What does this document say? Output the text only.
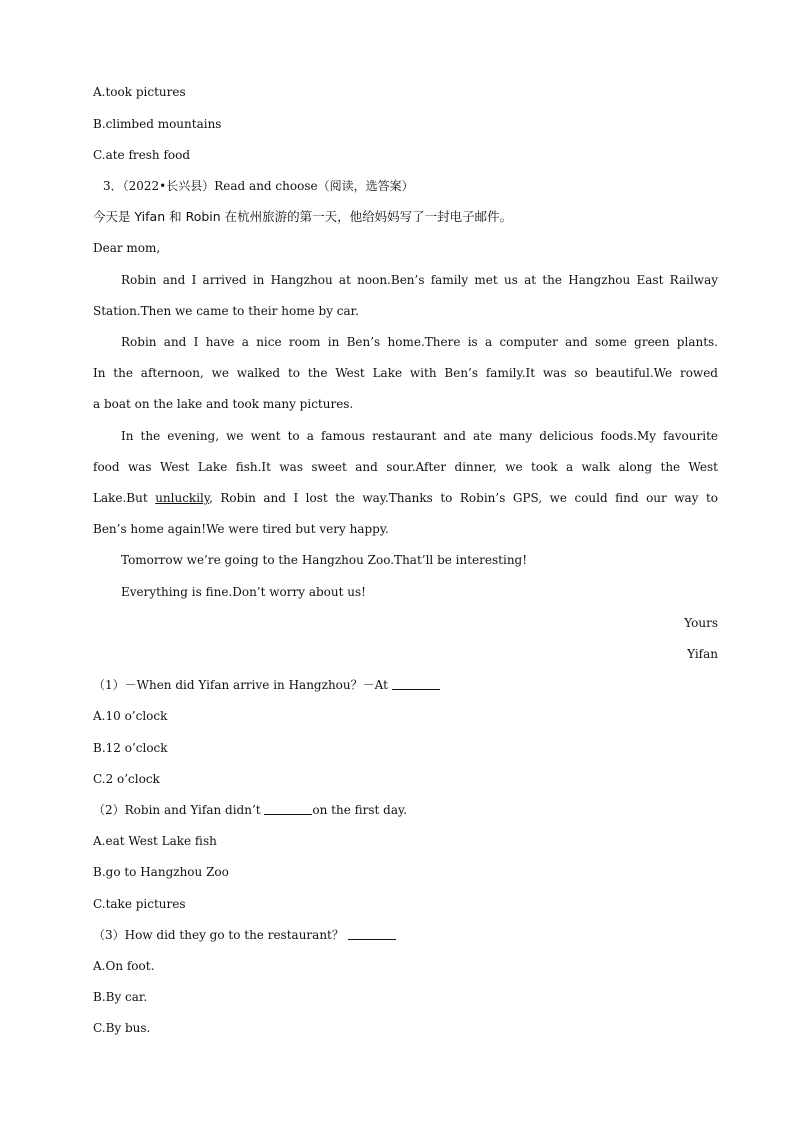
A.took pictures
B.climbed mountains
C.ate fresh food
3．（2022•长兴县）Read and choose（阅读，选答案）
今天是 Yifan 和 Robin 在杭州旅游的第一天，他给妈妈写了一封电子邮件。
Dear mom,
Robin and I arrived in Hangzhou at noon.Ben’s family met us at the Hangzhou East Railway
Station.Then we came to their home by car.
Robin and I have a nice room in Ben’s home.There is a computer and some green plants.
In the afternoon, we walked to the West Lake with Ben’s family.It was so beautiful.We rowed
a boat on the lake and took many pictures.
In the evening, we went to a famous restaurant and ate many delicious foods.My favourite
food was West Lake fish.It was sweet and sour.After dinner, we took a walk along the West
Lake.But unluckily, Robin and I lost the way.Thanks to Robin’s GPS, we could find our way to
Ben’s home again!We were tired but very happy.
Tomorrow we’re going to the Hangzhou Zoo.That’ll be interesting!
Everything is fine.Don’t worry about us!
Yours
Yifan
（1）－When did Yifan arrive in Hangzhou？－At
A.10 o’clock
B.12 o’clock
C.2 o’clock
（2）Robin and Yifan didn’t	on the first day.
A.eat West Lake fish
B.go to Hangzhou Zoo
C.take pictures
（3）How did they go to the restaurant？
A.On foot.
B.By car.
C.By bus.
